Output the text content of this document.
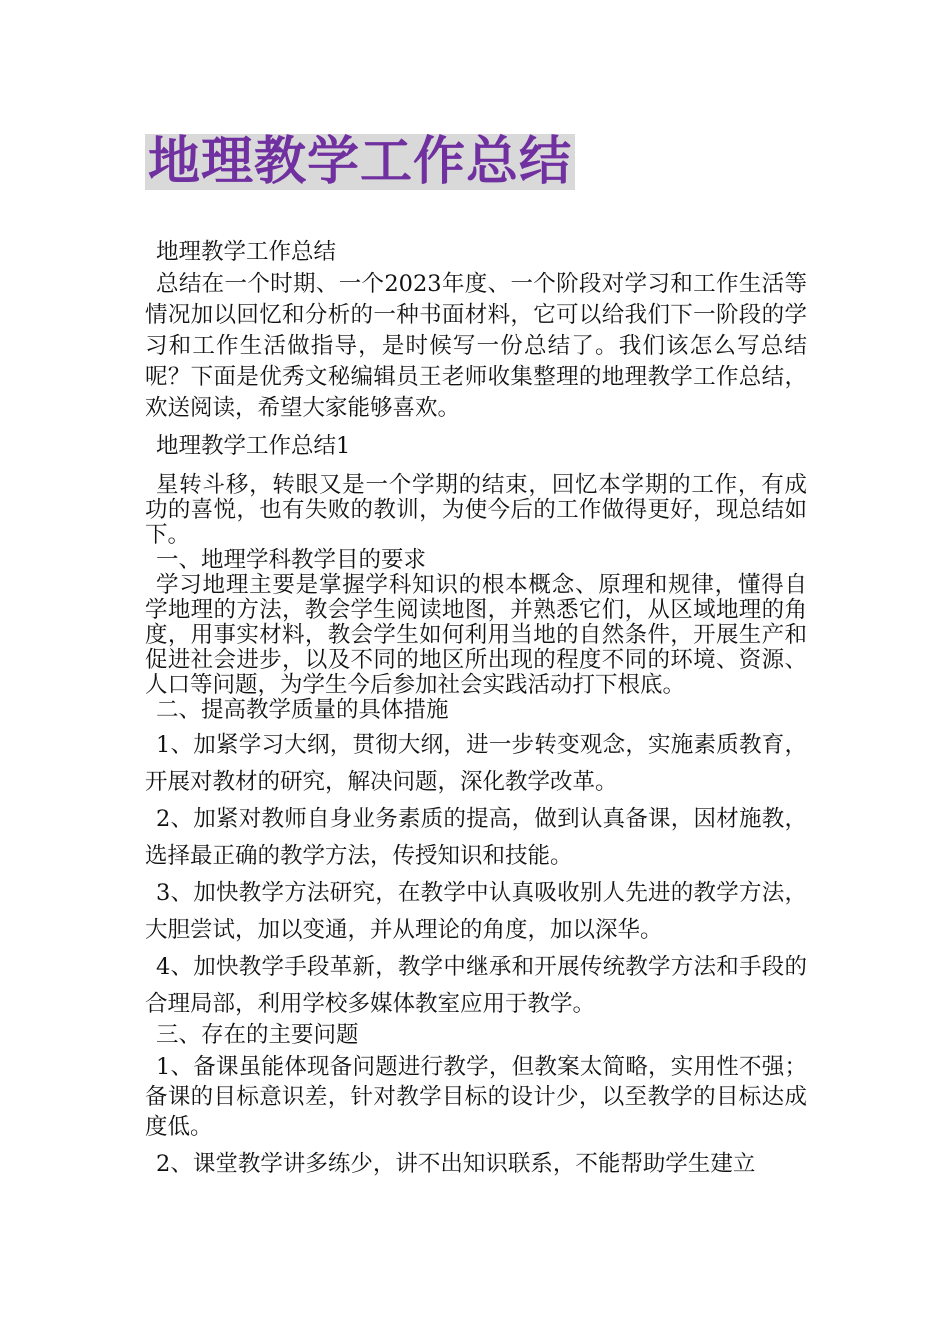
地理教学工作总结

地理教学工作总结

总结在一个时期、一个2023年度、一个阶段对学习和工作生活等情况加以回忆和分析的一种书面材料，它可以给我们下一阶段的学习和工作生活做指导，是时候写一份总结了。我们该怎么写总结呢？下面是优秀文秘编辑员王老师收集整理的地理教学工作总结，欢送阅读，希望大家能够喜欢。

地理教学工作总结1

星转斗移，转眼又是一个学期的结束，回忆本学期的工作，有成功的喜悦，也有失败的教训，为使今后的工作做得更好，现总结如下。

一、地理学科教学目的要求

学习地理主要是掌握学科知识的根本概念、原理和规律，懂得自学地理的方法，教会学生阅读地图，并熟悉它们，从区域地理的角度，用事实材料，教会学生如何利用当地的自然条件，开展生产和促进社会进步，以及不同的地区所出现的程度不同的环境、资源、人口等问题，为学生今后参加社会实践活动打下根底。

二、提高教学质量的具体措施

1、加紧学习大纲，贯彻大纲，进一步转变观念，实施素质教育，开展对教材的研究，解决问题，深化教学改革。

2、加紧对教师自身业务素质的提高，做到认真备课，因材施教，选择最正确的教学方法，传授知识和技能。

3、加快教学方法研究，在教学中认真吸收别人先进的教学方法，大胆尝试，加以变通，并从理论的角度，加以深华。

4、加快教学手段革新，教学中继承和开展传统教学方法和手段的合理局部，利用学校多媒体教室应用于教学。

三、存在的主要问题

1、备课虽能体现备问题进行教学，但教案太简略，实用性不强；备课的目标意识差，针对教学目标的设计少，以至教学的目标达成度低。

2、课堂教学讲多练少，讲不出知识联系，不能帮助学生建立
